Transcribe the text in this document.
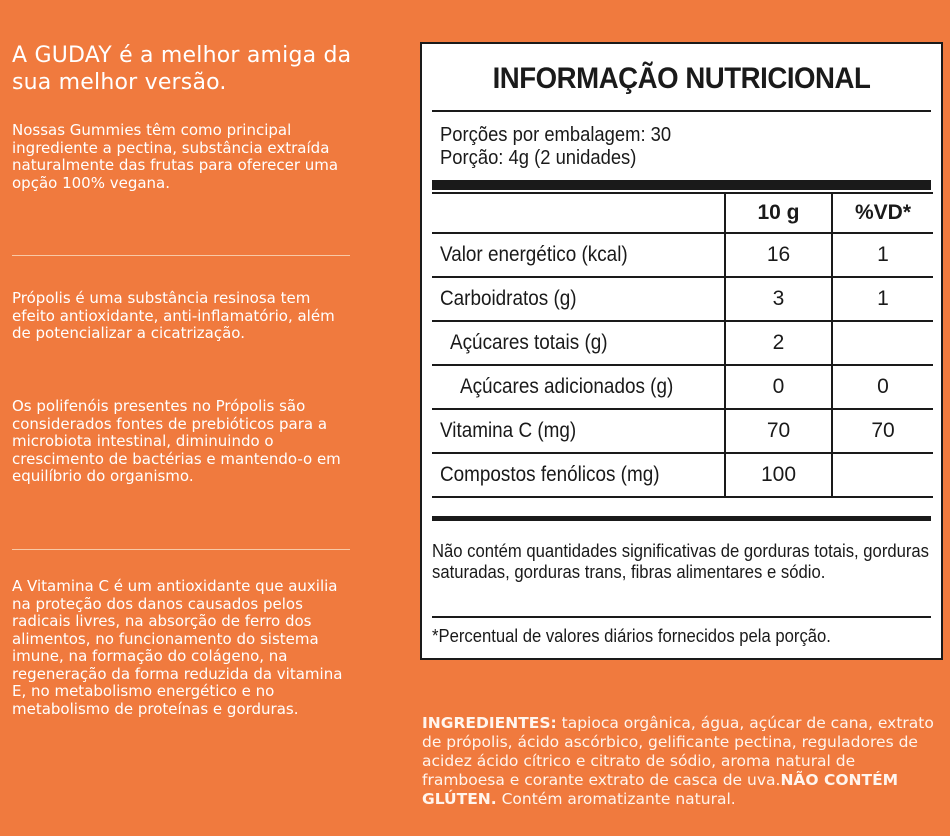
A GUDAY é a melhor amiga da sua melhor versão.
Nossas Gummies têm como principal ingrediente a pectina, substância extraída naturalmente das frutas para oferecer uma opção 100% vegana.
Própolis é uma substância resinosa tem efeito antioxidante, anti-inflamatório, além de potencializar a cicatrização.
Os polifenóis presentes no Própolis são considerados fontes de prebióticos para a microbiota intestinal, diminuindo o crescimento de bactérias e mantendo-o em equilíbrio do organismo.
A Vitamina C é um antioxidante que auxilia na proteção dos danos causados pelos radicais livres, na absorção de ferro dos alimentos, no funcionamento do sistema imune, na formação do colágeno, na regeneração da forma reduzida da vitamina E, no metabolismo energético e no metabolismo de proteínas e gorduras.
INFORMAÇÃO NUTRICIONAL
Porções por embalagem: 30
Porção: 4g (2 unidades)
	10 g	%VD*
Valor energético (kcal)	16	1
Carboidratos (g)	3	1
Açúcares totais (g)	2	
Açúcares adicionados (g)	0	0
Vitamina C (mg)	70	70
Compostos fenólicos (mg)	100	
Não contém quantidades significativas de gorduras totais, gorduras saturadas, gorduras trans, fibras alimentares e sódio.
*Percentual de valores diários fornecidos pela porção.
INGREDIENTES: tapioca orgânica, água, açúcar de cana, extrato de própolis, ácido ascórbico, gelificante pectina, reguladores de acidez ácido cítrico e citrato de sódio, aroma natural de framboesa e corante extrato de casca de uva.NÃO CONTÉM GLÚTEN. Contém aromatizante natural.
